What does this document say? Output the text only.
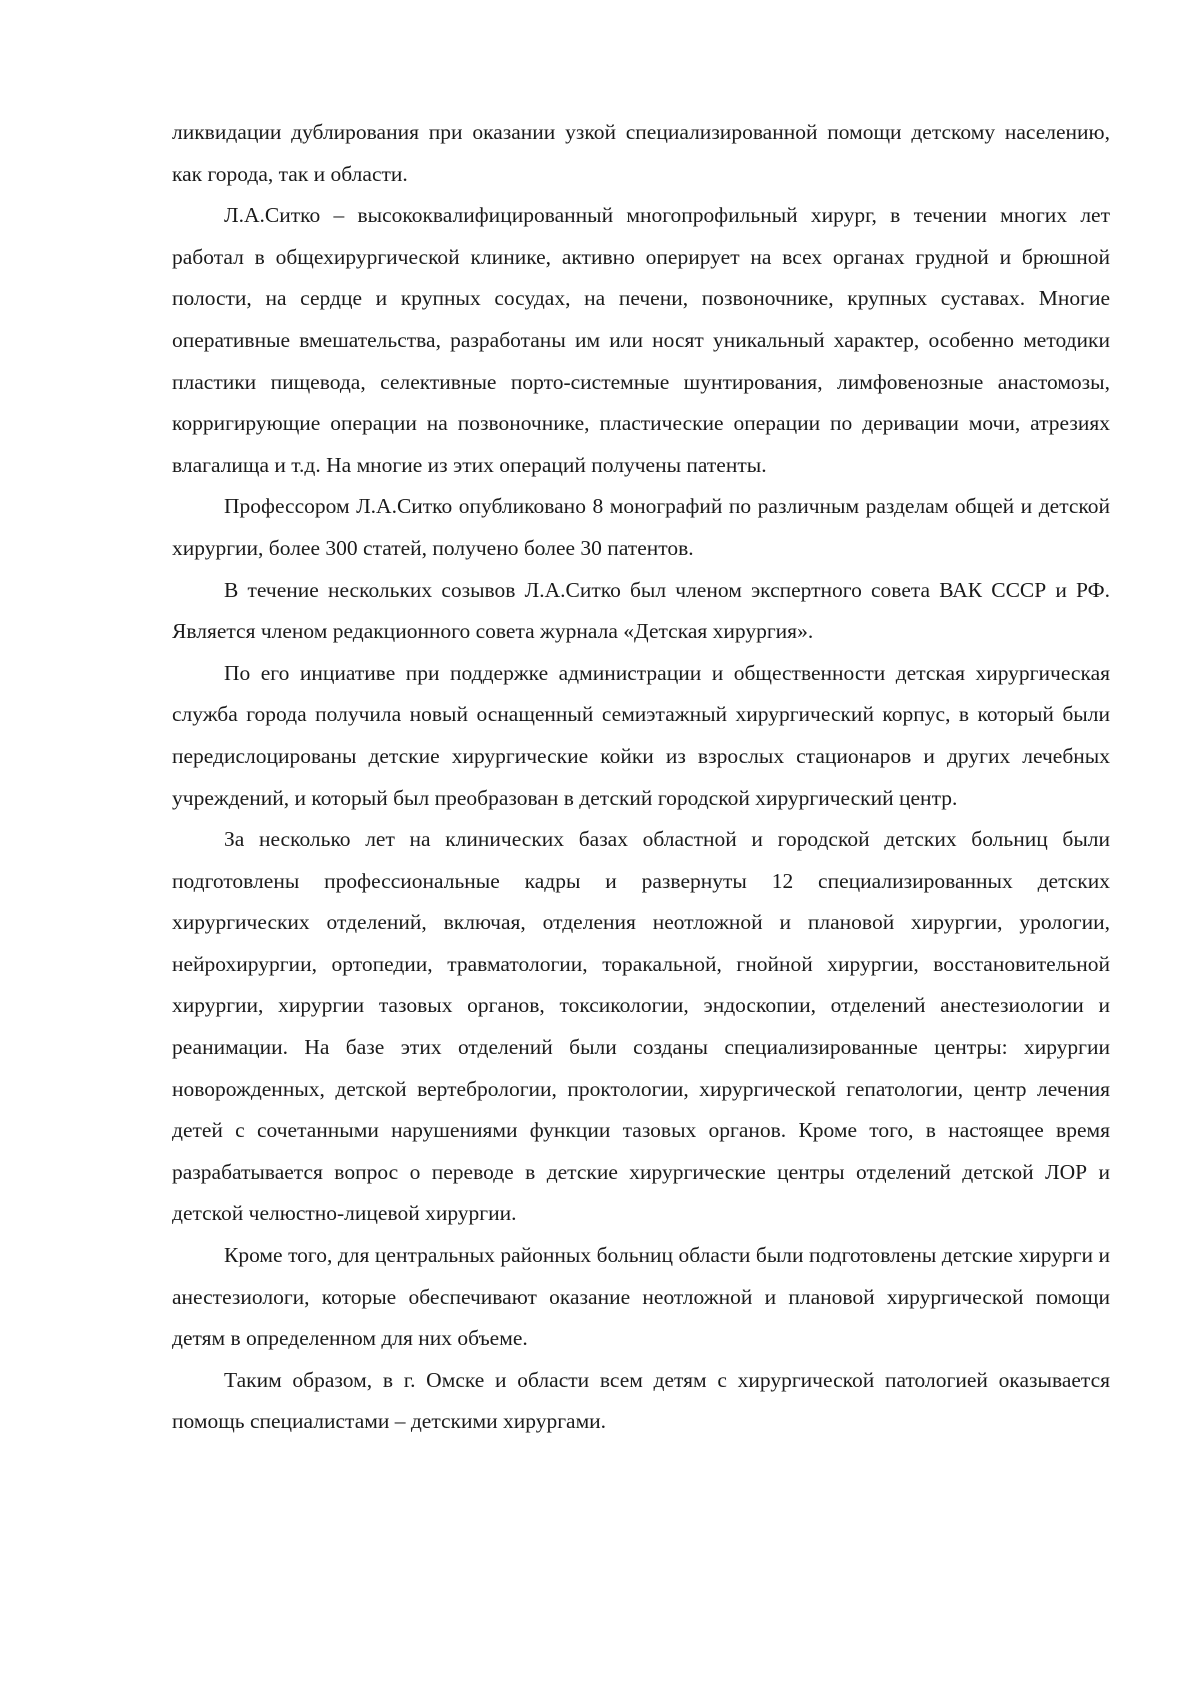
ликвидации дублирования при оказании узкой специализированной помощи детскому населению, как города, так и области.

Л.А.Ситко – высококвалифицированный многопрофильный хирург, в течении многих лет работал в общехирургической клинике, активно оперирует на всех органах грудной и брюшной полости, на сердце и крупных сосудах, на печени, позвоночнике, крупных суставах. Многие оперативные вмешательства, разработаны им или носят уникальный характер, особенно методики пластики пищевода, селективные порто-системные шунтирования, лимфовенозные анастомозы, корригирующие операции на позвоночнике, пластические операции по деривации мочи, атрезиях влагалища и т.д. На многие из этих операций получены патенты.

Профессором Л.А.Ситко опубликовано 8 монографий по различным разделам общей и детской хирургии, более 300 статей, получено более 30 патентов.

В течение нескольких созывов Л.А.Ситко был членом экспертного совета ВАК СССР и РФ. Является членом редакционного совета журнала «Детская хирургия».

По его инциативе при поддержке администрации и общественности детская хирургическая служба города получила новый оснащенный семиэтажный хирургический корпус, в который были передислоцированы детские хирургические койки из взрослых стационаров и других лечебных учреждений, и который был преобразован в детский городской хирургический центр.

За несколько лет на клинических базах областной и городской детских больниц были подготовлены профессиональные кадры и развернуты 12 специализированных детских хирургических отделений, включая, отделения неотложной и плановой хирургии, урологии, нейрохирургии, ортопедии, травматологии, торакальной, гнойной хирургии, восстановительной хирургии, хирургии тазовых органов, токсикологии, эндоскопии, отделений анестезиологии и реанимации. На базе этих отделений были созданы специализированные центры: хирургии новорожденных, детской вертебрологии, проктологии, хирургической гепатологии, центр лечения детей с сочетанными нарушениями функции тазовых органов. Кроме того, в настоящее время разрабатывается вопрос о переводе в детские хирургические центры отделений детской ЛОР и детской челюстно-лицевой хирургии.

Кроме того, для центральных районных больниц области были подготовлены детские хирурги и анестезиологи, которые обеспечивают оказание неотложной и плановой хирургической помощи детям в определенном для них объеме.

Таким образом, в г. Омске и области всем детям с хирургической патологией оказывается помощь специалистами – детскими хирургами.
